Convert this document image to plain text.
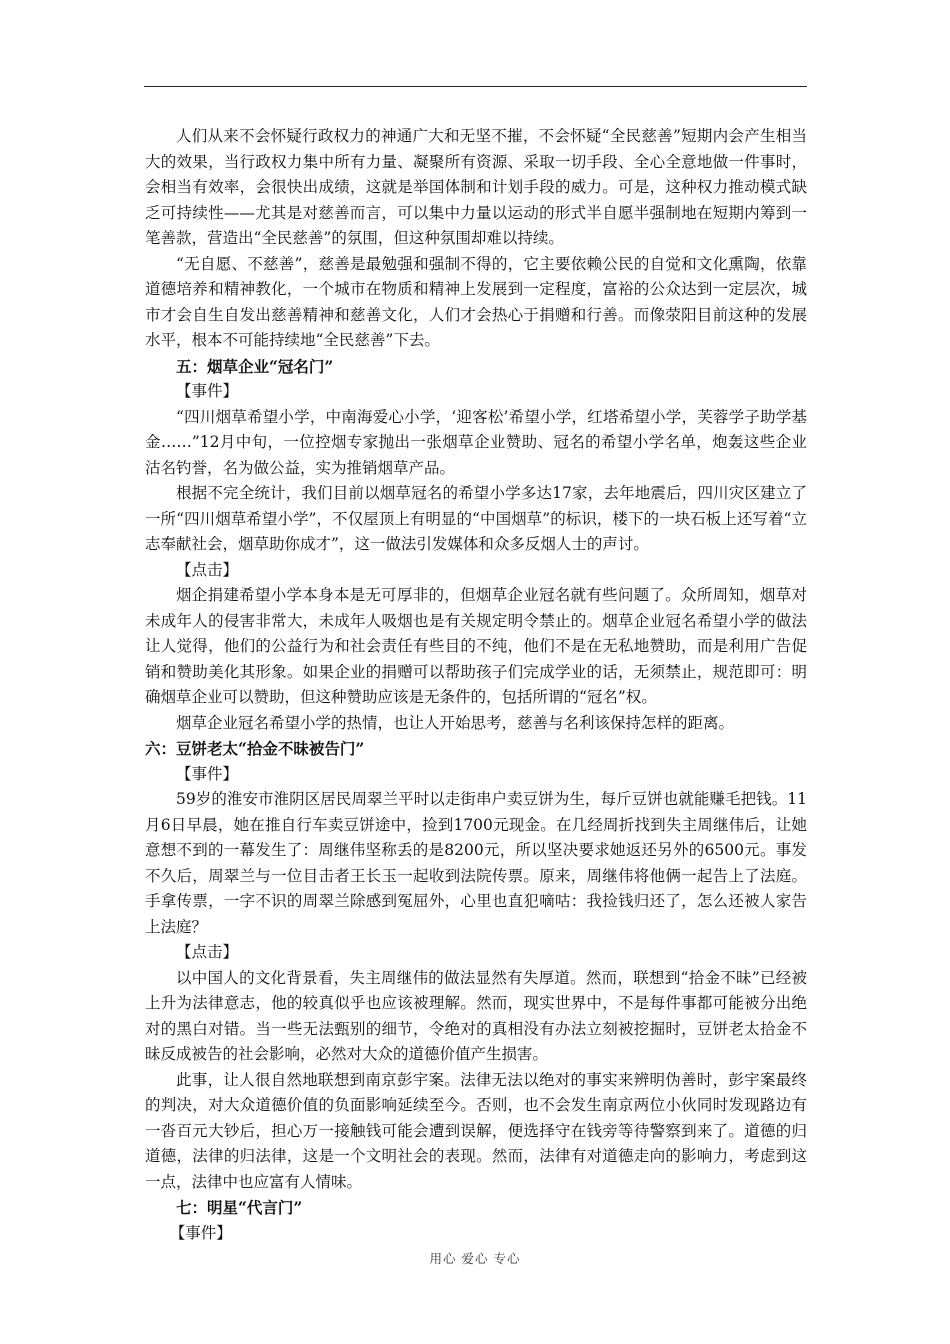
人们从来不会怀疑行政权力的神通广大和无坚不摧，不会怀疑“全民慈善”短期内会产生相当大的效果，当行政权力集中所有力量、凝聚所有资源、采取一切手段、全心全意地做一件事时，会相当有效率，会很快出成绩，这就是举国体制和计划手段的威力。可是，这种权力推动模式缺乏可持续性——尤其是对慈善而言，可以集中力量以运动的形式半自愿半强制地在短期内筹到一笔善款，营造出“全民慈善”的氛围，但这种氛围却难以持续。

“无自愿、不慈善”，慈善是最勉强和强制不得的，它主要依赖公民的自觉和文化熏陶，依靠道德培养和精神教化，一个城市在物质和精神上发展到一定程度，富裕的公众达到一定层次，城市才会自生自发出慈善精神和慈善文化，人们才会热心于捐赠和行善。而像荥阳目前这种的发展水平，根本不可能持续地“全民慈善”下去。

五：烟草企业“冠名门”

【事件】

“四川烟草希望小学，中南海爱心小学，‘迎客松’希望小学，红塔希望小学，芙蓉学子助学基金……”12月中旬，一位控烟专家抛出一张烟草企业赞助、冠名的希望小学名单，炮轰这些企业沽名钓誉，名为做公益，实为推销烟草产品。

根据不完全统计，我们目前以烟草冠名的希望小学多达17家，去年地震后，四川灾区建立了一所“四川烟草希望小学”，不仅屋顶上有明显的“中国烟草”的标识，楼下的一块石板上还写着“立志奉献社会，烟草助你成才”，这一做法引发媒体和众多反烟人士的声讨。

【点击】

烟企捐建希望小学本身本是无可厚非的，但烟草企业冠名就有些问题了。众所周知，烟草对未成年人的侵害非常大，未成年人吸烟也是有关规定明令禁止的。烟草企业冠名希望小学的做法让人觉得，他们的公益行为和社会责任有些目的不纯，他们不是在无私地赞助，而是利用广告促销和赞助美化其形象。如果企业的捐赠可以帮助孩子们完成学业的话，无须禁止，规范即可：明确烟草企业可以赞助，但这种赞助应该是无条件的，包括所谓的“冠名”权。

烟草企业冠名希望小学的热情，也让人开始思考，慈善与名利该保持怎样的距离。

六：豆饼老太“拾金不昧被告门”

【事件】

59岁的淮安市淮阴区居民周翠兰平时以走街串户卖豆饼为生，每斤豆饼也就能赚毛把钱。11月6日早晨，她在推自行车卖豆饼途中，捡到1700元现金。在几经周折找到失主周继伟后，让她意想不到的一幕发生了：周继伟坚称丢的是8200元，所以坚决要求她返还另外的6500元。事发不久后，周翠兰与一位目击者王长玉一起收到法院传票。原来，周继伟将他俩一起告上了法庭。手拿传票，一字不识的周翠兰除感到冤屈外，心里也直犯嘀咕：我捡钱归还了，怎么还被人家告上法庭？

【点击】

以中国人的文化背景看，失主周继伟的做法显然有失厚道。然而，联想到“拾金不昧”已经被上升为法律意志，他的较真似乎也应该被理解。然而，现实世界中，不是每件事都可能被分出绝对的黑白对错。当一些无法甄别的细节，令绝对的真相没有办法立刻被挖掘时，豆饼老太拾金不昧反成被告的社会影响，必然对大众的道德价值产生损害。

此事，让人很自然地联想到南京彭宇案。法律无法以绝对的事实来辨明伪善时，彭宇案最终的判决，对大众道德价值的负面影响延续至今。否则，也不会发生南京两位小伙同时发现路边有一沓百元大钞后，担心万一接触钱可能会遭到误解，便选择守在钱旁等待警察到来了。道德的归道德，法律的归法律，这是一个文明社会的表现。然而，法律有对道德走向的影响力，考虑到这一点，法律中也应富有人情味。

七：明星“代言门”

【事件】

用心 爱心 专心
